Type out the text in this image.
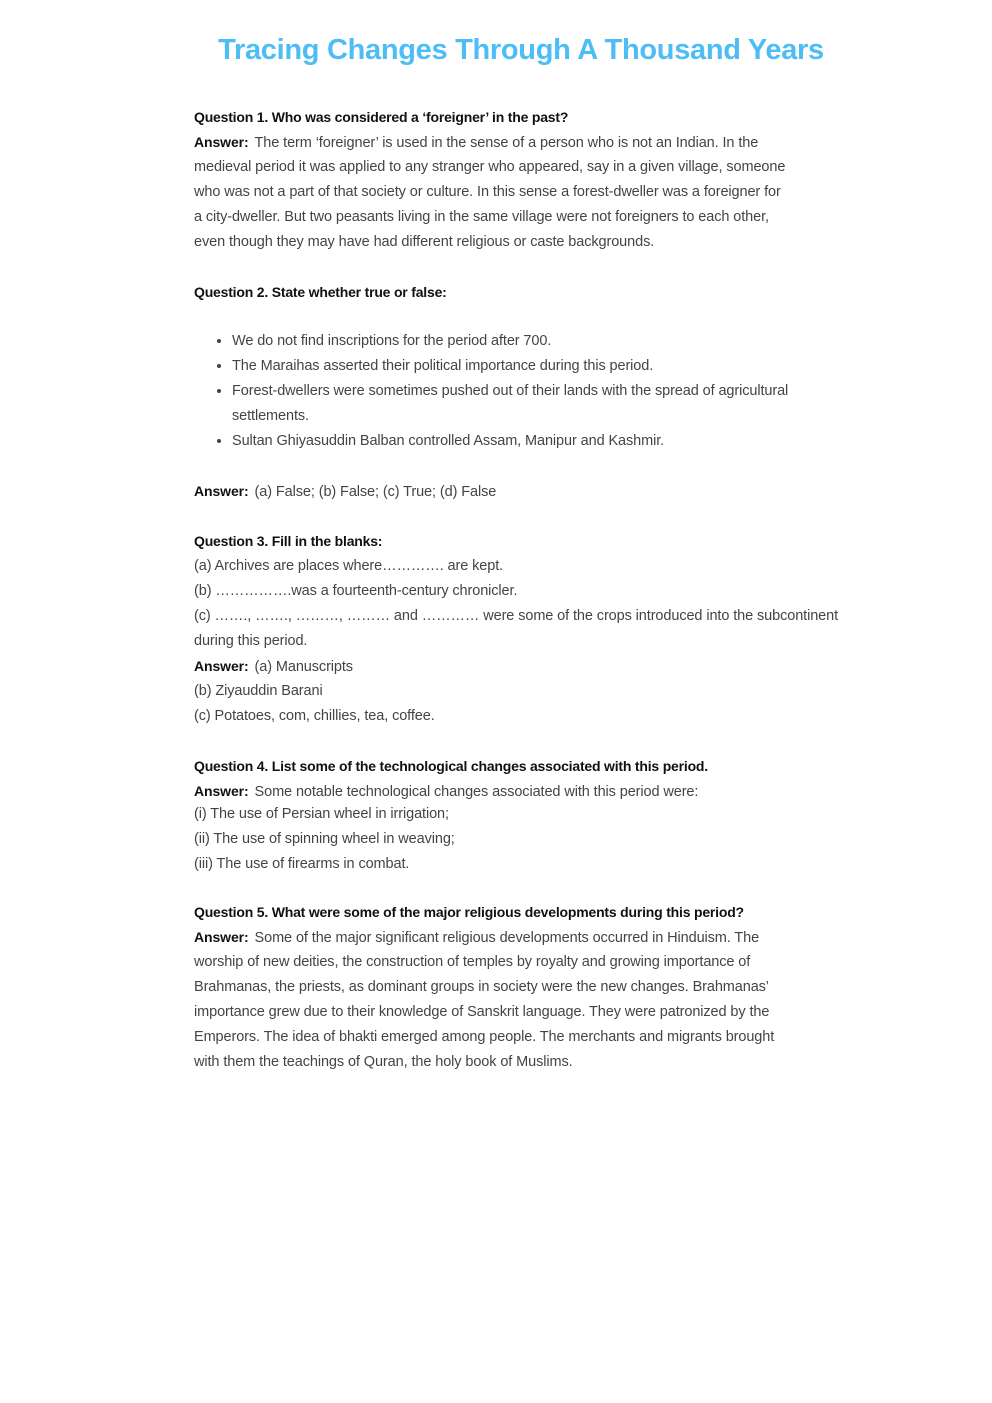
Tracing Changes Through A Thousand Years
Question 1. Who was considered a ‘foreigner’ in the past?
Answer: The term ‘foreigner’ is used in the sense of a person who is not an Indian. In the
medieval period it was applied to any stranger who appeared, say in a given village, someone
who was not a part of that society or culture. In this sense a forest-dweller was a foreigner for
a city-dweller. But two peasants living in the same village were not foreigners to each other,
even though they may have had different religious or caste backgrounds.
Question 2. State whether true or false:
• We do not find inscriptions for the period after 700.
• The Maraihas asserted their political importance during this period.
• Forest-dwellers were sometimes pushed out of their lands with the spread of agricultural settlements.
• Sultan Ghiyasuddin Balban controlled Assam, Manipur and Kashmir.
Answer: (a) False; (b) False; (c) True; (d) False
Question 3. Fill in the blanks:
(a) Archives are places where…………. are kept.
(b) …………….was a fourteenth-century chronicler.
(c) ……., ……., ………, ……… and ………… were some of the crops introduced into the subcontinent
during this period.
Answer: (a) Manuscripts
(b) Ziyauddin Barani
(c) Potatoes, com, chillies, tea, coffee.
Question 4. List some of the technological changes associated with this period.
Answer: Some notable technological changes associated with this period were:
(i) The use of Persian wheel in irrigation;
(ii) The use of spinning wheel in weaving;
(iii) The use of firearms in combat.
Question 5. What were some of the major religious developments during this period?
Answer: Some of the major significant religious developments occurred in Hinduism. The
worship of new deities, the construction of temples by royalty and growing importance of
Brahmanas, the priests, as dominant groups in society were the new changes. Brahmanas’
importance grew due to their knowledge of Sanskrit language. They were patronized by the
Emperors. The idea of bhakti emerged among people. The merchants and migrants brought
with them the teachings of Quran, the holy book of Muslims.
